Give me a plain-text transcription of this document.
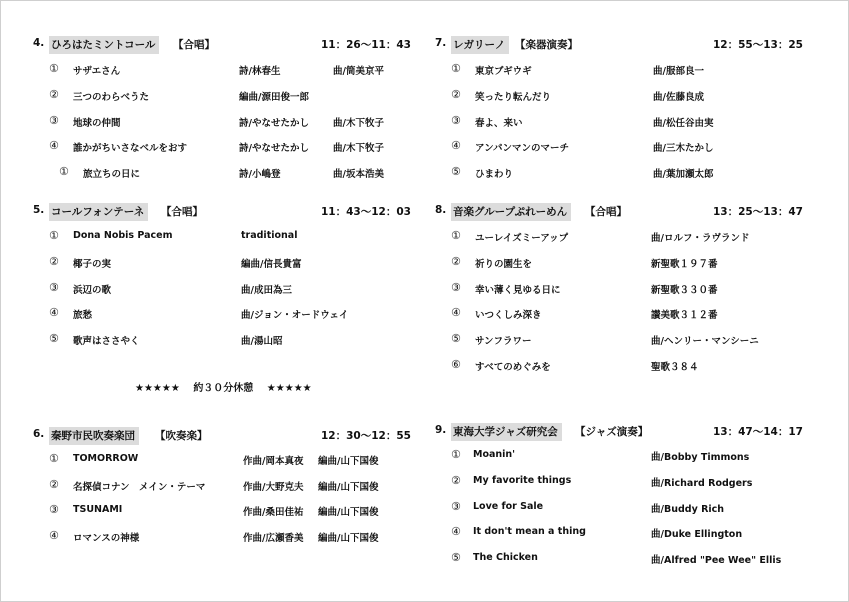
4. ひろはたミントコール	【合唱】	11：26～11：43
① サザエさん	詩/林春生	曲/筒美京平
② 三つのわらべうた	編曲/源田俊一郎
③ 地球の仲間	詩/やなせたかし	曲/木下牧子
④ 誰かがちいさなベルをおす	詩/やなせたかし	曲/木下牧子
① 旅立ちの日に	詩/小嶋登	曲/坂本浩美
5. コールフォンテーネ	【合唱】	11：43～12：03
① Dona Nobis Pacem	traditional
② 椰子の実	編曲/信長貴富
③ 浜辺の歌	曲/成田為三
④ 旅愁	曲/ジョン・オードウェイ
⑤ 歌声はささやく	曲/湯山昭
★★★★★ 約３０分休憩 ★★★★★
6. 秦野市民吹奏楽団	【吹奏楽】	12：30～12：55
① TOMORROW	作曲/岡本真夜 編曲/山下国俊
② 名探偵コナン　メイン・テーマ	作曲/大野克夫 編曲/山下国俊
③ TSUNAMI	作曲/桑田佳祐 編曲/山下国俊
④ ロマンスの神様	作曲/広瀬香美 編曲/山下国俊
7. レガリーノ 【楽器演奏】	12：55～13：25
① 東京ブギウギ	曲/服部良一
② 笑ったり転んだり	曲/佐藤良成
③ 春よ、来い	曲/松任谷由実
④ アンパンマンのマーチ	曲/三木たかし
⑤ ひまわり	曲/葉加瀬太郎
8. 音楽グループぷれーめん	【合唱】	13：25～13：47
① ユーレイズミーアップ	曲/ロルフ・ラヴランド
② 祈りの園生を	新聖歌１９７番
③ 幸い薄く見ゆる日に	新聖歌３３０番
④ いつくしみ深き	讃美歌３１２番
⑤ サンフラワー	曲/ヘンリー・マンシーニ
⑥ すべてのめぐみを	聖歌３８４
9. 東海大学ジャズ研究会	【ジャズ演奏】	13：47～14：17
① Moanin'	曲/Bobby Timmons
② My favorite things	曲/Richard Rodgers
③ Love for Sale	曲/Buddy Rich
④ It don't mean a thing	曲/Duke Ellington
⑤ The Chicken	曲/Alfred "Pee Wee" Ellis
